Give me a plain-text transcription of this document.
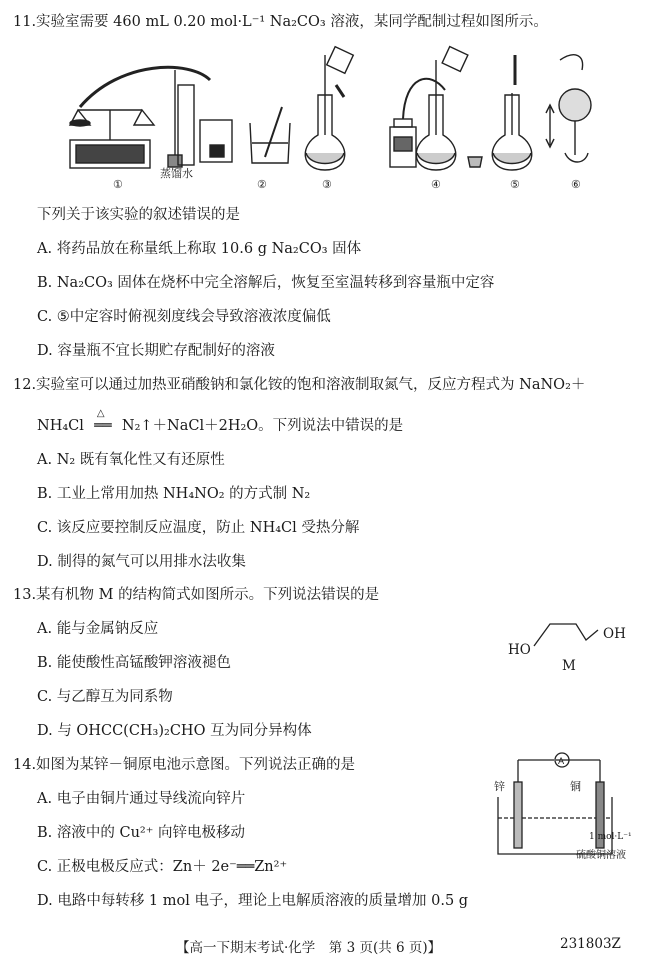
11.实验室需要 460 mL 0.20 mol·L⁻¹ Na₂CO₃ 溶液，某同学配制过程如图所示。
蒸馏水
①	②	③	④	⑤	⑥
下列关于该实验的叙述错误的是
A. 将药品放在称量纸上称取 10.6 g Na₂CO₃ 固体
B. Na₂CO₃ 固体在烧杯中完全溶解后，恢复至室温转移到容量瓶中定容
C. ⑤中定容时俯视刻度线会导致溶液浓度偏低
D. 容量瓶不宜长期贮存配制好的溶液
12.实验室可以通过加热亚硝酸钠和氯化铵的饱和溶液制取氮气，反应方程式为 NaNO₂＋
NH₄Cl
△
══ N₂↑＋NaCl＋2H₂O。下列说法中错误的是
A. N₂ 既有氧化性又有还原性
B. 工业上常用加热 NH₄NO₂ 的方式制 N₂
C. 该反应要控制反应温度，防止 NH₄Cl 受热分解
D. 制得的氮气可以用排水法收集
13.某有机物 M 的结构简式如图所示。下列说法错误的是
A. 能与金属钠反应
B. 能使酸性高锰酸钾溶液褪色
C. 与乙醇互为同系物
D. 与 OHCC(CH₃)₂CHO 互为同分异构体
OH
HO
M
14.如图为某锌－铜原电池示意图。下列说法正确的是
A. 电子由铜片通过导线流向锌片
B. 溶液中的 Cu²⁺ 向锌电极移动
C. 正极电极反应式：Zn＋ 2e⁻══Zn²⁺
D. 电路中每转移 1 mol 电子，理论上电解质溶液的质量增加 0.5 g
A
锌	铜
1 mol·L⁻¹
硫酸铜溶液
【高一下期末考试·化学　第 3 页(共 6 页)】	231803Z
